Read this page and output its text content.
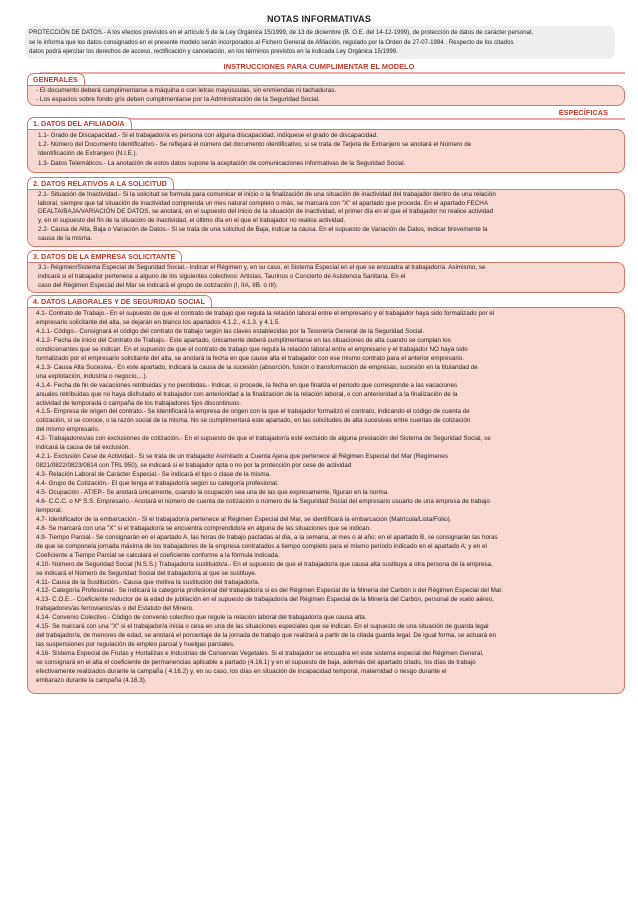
NOTAS INFORMATIVAS
PROTECCIÓN DE DATOS.- A los efectos previstos en el artículo 5 de la Ley Orgánica 15/1999, de 13 de diciembre (B. O.E. del 14-12-1999), de protección de datos de carácter personal,
se le informa que los datos consignados en el presente modelo serán incorporados al Fichero General de Afiliación, regulado por la Orden de 27-07-1994 . Respecto de los citados
datos podrá ejercitar los derechos de acceso, rectificación y cancelación, en los términos previstos en la indicada Ley Orgánica 15/1999.
INSTRUCCIONES PARA CUMPLIMENTAR EL MODELO
GENERALES
- El documento deberá cumplimentarse a máquina o con letras mayúsculas, sin enmiendas ni tachaduras.
- Los espacios sobre fondo gris deben cumplimentarse por la Administración de la Seguridad Social.
ESPECÍFICAS
1. DATOS DEL AFILIADO/A
1.1- Grado de Discapacidad.- Si el trabajador/a es persona con alguna discapacidad, indíquese el grado de discapacidad.
1.2- Número del Documento Identificativo.- Se reflejará el número del documento identificativo, si se trata de Tarjeta de Extranjero se anotará el Número de
Identificación de Extranjero (N.I.E.).
1.3- Datos Telemáticos.- La anotación de estos datos supone la aceptación de comunicaciones informativas de la Seguridad Social.
2. DATOS RELATIVOS A LA SOLICITUD
2.1- Situación de Inactividad.- Si la solicitud se formula para comunicar el inicio o la finalización de una situación de inactividad del trabajador dentro de una relación
laboral, siempre que tal situación de inactividad comprenda un mes natural completo o más, se marcará con "X" el apartado que proceda. En el apartado FECHA
DEALTA/BAJA/VARIACIÓN DE DATOS, se anotará, en el supuesto del inicio de la situación de inactividad, el primer día en el que el trabajador no realice actividad
y, en el supuesto del fin de la situación de inactividad, el último día en el que el trabajador no realice actividad.
2.2- Causa de Alta, Baja o Variación de Datos.- Si se trata de una solicitud de Baja, indicar la causa. En el supuesto de Variación de Datos, indicar brevemente la
causa de la misma.
3. DATOS DE LA EMPRESA SOLICITANTE
3.1- Régimen/Sistema Especial de Seguridad Social.- Indicar el Régimen y, en su caso, el Sistema Especial en el que se encuadra al trabajador/a. Asimismo, se
indicará si el trabajador pertenece a alguno de los siguientes colectivos: Artistas, Taurinos o Concierto de Asistencia Sanitaria. En el
caso del Régimen Especial del Mar se indicará el grupo de cotización (I, IIA, IIB. ó III).
4. DATOS LABORALES Y DE SEGURIDAD SOCIAL
4.1- Contrato de Trabajo.- En el supuesto de que el contrato de trabajo que regula la relación laboral entre el empresario y el trabajador haya sido formalizado por el
empresario solicitante del alta, se dejarán en blanco los apartados 4.1.2., 4.1.3. y 4.1.5.
4.1.1- Código.- Consignará el código del contrato de trabajo según las claves establecidas por la Tesorería General de la Seguridad Social.
4.1.2- Fecha de inicio del Contrato de Trabajo.- Este apartado, únicamente deberá cumplimentarse en las situaciones de alta cuando se cumplan los
condicionantes que se indican. En el supuesto de que el contrato de trabajo que regula la relación laboral entre el empresario y el trabajador NO haya sido
formalizado por el empresario solicitante del alta, se anotará la fecha en que cause alta el trabajador con ese mismo contrato para el anterior empresario.
4.1.3- Causa Alta Sucesiva.- En este apartado, indicará la causa de la sucesión (absorción, fusión o transformación de empresas, sucesión en la titularidad de
una explotación, industria o negocio,...).
4.1.4- Fecha de fin de vacaciones retribuidas y no percibidas.- Indicar, si procede, la fecha en que finaliza el periodo que corresponde a las vacaciones
anuales retribuidas que no haya disfrutado el trabajador con anterioridad a la finalización de la relación laboral, o con anterioridad a la finalización de la
actividad de temporada o campaña de los trabajadores fijos discontinuos.
4.1.5- Empresa de origen del contrato.- Se identificará la empresa de origen con la que el trabajador formalizó el contrato, indicando el código de cuenta de
cotización, si se conoce, o la razón social de la misma. No se cumplimentará este apartado, en las solicitudes de alta sucesivas entre cuentas de cotización
del mismo empresario.
4.2- Trabajadores/as con exclusiones de cotización.- En el supuesto de que el trabajador/a esté excluido de alguna prestación del Sistema de Seguridad Social, se
indicará la causa de tal exclusión.
4.2.1- Exclusión Cese de Actividad.- Si se trata de un trabajador Asimilado a Cuenta Ajena que pertenece al Régimen Especial del Mar (Regímenes
0821/0822/0823/0814 con TRL 950), se indicará si el trabajador opta o no por la protección por cese de actividad
4.3- Relación Laboral de Carácter Especial.- Se indicará el tipo o clase de la misma.
4.4- Grupo de Cotización.- El que tenga el trabajador/a según su categoría profesional.
4.5- Ocupación - AT/EP.- Se anotará únicamente, cuando la ocupación sea una de las que expresamente, figuran en la norma.
4.6- C.C.C. o Nº S.S. Empresario.- Anotará el número de cuenta de cotización o número de la Seguridad Social del empresario usuario de una empresa de trabajo
temporal.
4.7- Identificador de la embarcación.- Si el trabajador/a pertenece al Régimen Especial del Mar, se identificará la embarcación (Matrícula/Lista/Folio).
4.8- Se marcará con una "X" si el trabajador/a se encuentra comprendido/a en alguna de las situaciones que se indican.
4.9- Tiempo Parcial.- Se consignarán en el apartado A, las horas de trabajo pactadas al día, a la semana, al mes o al año; en el apartado B, se consignarán las horas
de que se componela jornada máxima de los trabajadores de la empresa contratados a tiempo completo para el mismo período indicado en el apartado A; y en el
Coeficiente a Tiempo Parcial se calculará el coeficiente conforme a la fórmula indicada.
4.10- Número de Seguridad Social (N.S.S.) Trabajador/a sustituido/a.- En el supuesto de que el trabajador/a que causa alta sustituya a otra persona de la empresa,
se indicará el Número de Seguridad Social del trabajador/a al que se sustituye.
4.11- Causa de la Sustitución.- Causa que motiva la sustitución del trabajador/a.
4.12- Categoría Profesional.- Se indicará la categoría profesional del trabajador/a si es del Régimen Especial de la Minería del Carbón o del Régimen Especial del Mar.
4.13- C.O.E..- Coeficiente reductor de la edad de jubilación en el supuesto de trabajador/a del Régimen Especial de la Minería del Carbón, personal de vuelo aéreo,
trabajadores/as ferroviarios/as o del Estatuto del Minero.
4.14- Convenio Colectivo.- Código de convenio colectivo que regule la relación laboral del trabajador/a que causa alta.
4.15- Se marcará con una "X" si el trabajador/a inicia o cesa en una de las situaciones especiales que se indican. En el supuesto de una situación de guarda legal
del trabajador/a, de menores de edad, se anotará el porcentaje de la jornada de trabajo que realizará a partir de la citada guarda legal. De igual forma, se actuará en
las suspensiones por regulación de empleo parcial y huelgas parciales.
4.16- Sistema Especial de Frutas y Hortalizas e Industrias de Conservas Vegetales. Si el trabajador se encuadra en este sistema especial del Régimen General,
se consignará en el alta el coeficiente de permanencias aplicable a partado (4.16.1) y en el supuesto de baja, además del apartado citado, los días de trabajo
efectivamente realizados durante la campaña ( 4.16.2) y, en su caso, los días en situación de incapacidad temporal, maternidad o riesgo durante el
embarazo durante la campaña (4.16.3).
